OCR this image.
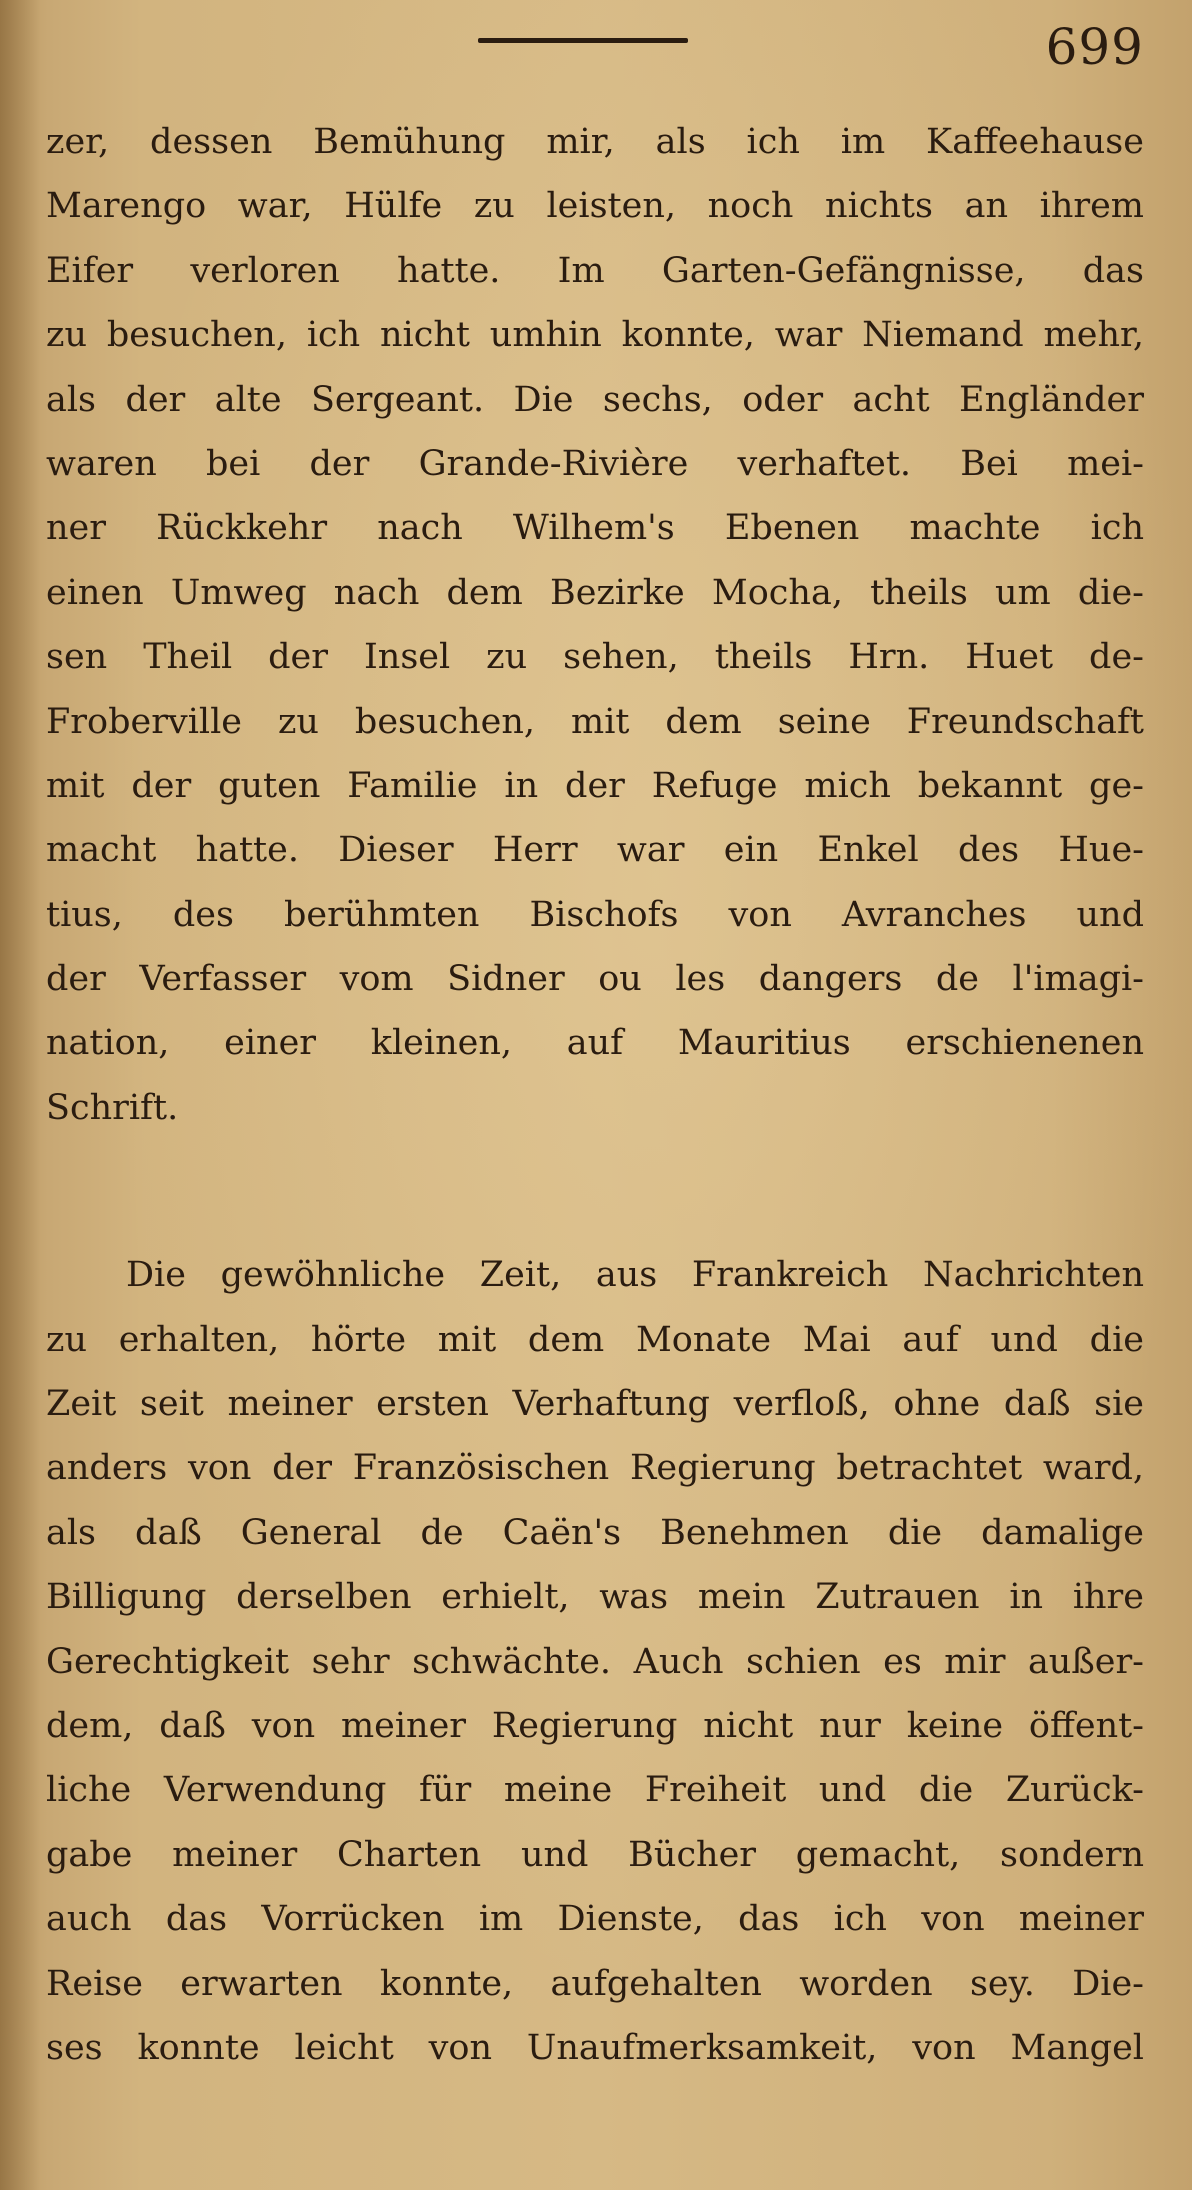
699
zer, dessen Bemühung mir, als ich im Kaffeehause
Marengo war, Hülfe zu leisten, noch nichts an ihrem
Eifer verloren hatte. Im Garten-Gefängnisse, das
zu besuchen, ich nicht umhin konnte, war Niemand mehr,
als der alte Sergeant. Die sechs, oder acht Engländer
waren bei der Grande-Rivière verhaftet. Bei mei-
ner Rückkehr nach Wilhem's Ebenen machte ich
einen Umweg nach dem Bezirke Mocha, theils um die-
sen Theil der Insel zu sehen, theils Hrn. Huet de-
Froberville zu besuchen, mit dem seine Freundschaft
mit der guten Familie in der Refuge mich bekannt ge-
macht hatte. Dieser Herr war ein Enkel des Hue-
tius, des berühmten Bischofs von Avranches und
der Verfasser vom Sidner ou les dangers de l'imagi-
nation, einer kleinen, auf Mauritius erschienenen
Schrift.
Die gewöhnliche Zeit, aus Frankreich Nachrichten
zu erhalten, hörte mit dem Monate Mai auf und die
Zeit seit meiner ersten Verhaftung verfloß, ohne daß sie
anders von der Französischen Regierung betrachtet ward,
als daß General de Caën's Benehmen die damalige
Billigung derselben erhielt, was mein Zutrauen in ihre
Gerechtigkeit sehr schwächte. Auch schien es mir außer-
dem, daß von meiner Regierung nicht nur keine öffent-
liche Verwendung für meine Freiheit und die Zurück-
gabe meiner Charten und Bücher gemacht, sondern
auch das Vorrücken im Dienste, das ich von meiner
Reise erwarten konnte, aufgehalten worden sey. Die-
ses konnte leicht von Unaufmerksamkeit, von Mangel
